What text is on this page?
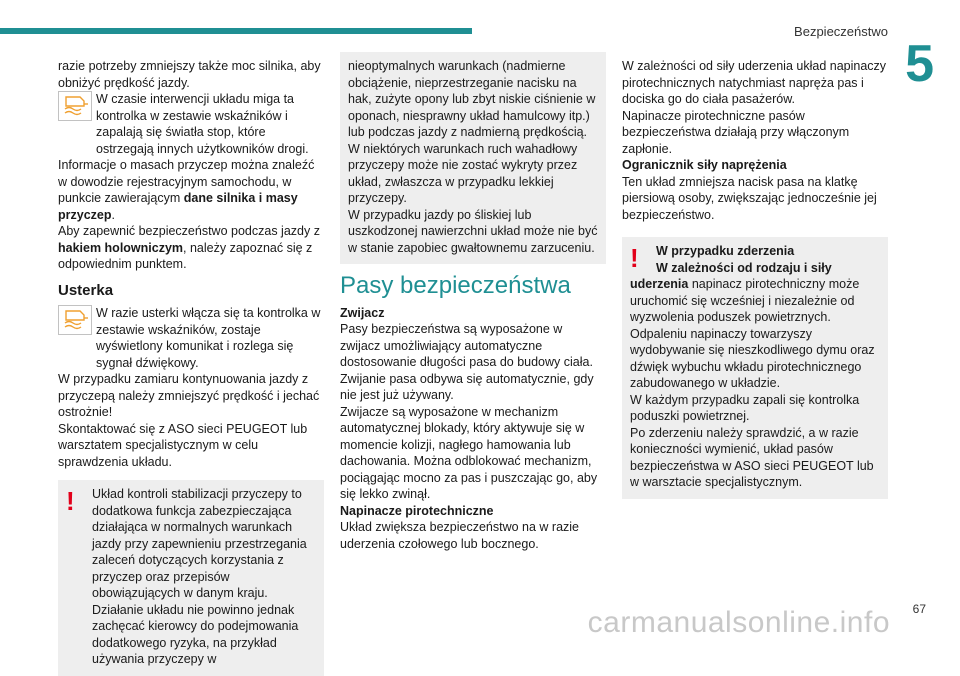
Bezpieczeństwo
5

razie potrzeby zmniejszy także moc silnika, aby obniżyć prędkość jazdy.

W czasie interwencji układu miga ta kontrolka w zestawie wskaźników i zapalają się światła stop, które ostrzegają innych użytkowników drogi.

Informacje o masach przyczep można znaleźć w dowodzie rejestracyjnym samochodu, w punkcie zawierającym dane silnika i masy przyczep.

Aby zapewnić bezpieczeństwo podczas jazdy z hakiem holowniczym, należy zapoznać się z odpowiednim punktem.

Usterka

W razie usterki włącza się ta kontrolka w zestawie wskaźników, zostaje wyświetlony komunikat i rozlega się sygnał dźwiękowy.

W przypadku zamiaru kontynuowania jazdy z przyczepą należy zmniejszyć prędkość i jechać ostrożnie!

Skontaktować się z ASO sieci PEUGEOT lub warsztatem specjalistycznym w celu sprawdzenia układu.

!	Układ kontroli stabilizacji przyczepy to dodatkowa funkcja zabezpieczająca działająca w normalnych warunkach jazdy przy zapewnieniu przestrzegania zaleceń dotyczących korzystania z przyczep oraz przepisów obowiązujących w danym kraju. Działanie układu nie powinno jednak zachęcać kierowcy do podejmowania dodatkowego ryzyka, na przykład używania przyczepy w

nieoptymalnych warunkach (nadmierne obciążenie, nieprzestrzeganie nacisku na hak, zużyte opony lub zbyt niskie ciśnienie w oponach, niesprawny układ hamulcowy itp.) lub podczas jazdy z nadmierną prędkością.

W niektórych warunkach ruch wahadłowy przyczepy może nie zostać wykryty przez układ, zwłaszcza w przypadku lekkiej przyczepy.

W przypadku jazdy po śliskiej lub uszkodzonej nawierzchni układ może nie być w stanie zapobiec gwałtownemu zarzuceniu.

Pasy bezpieczeństwa

Zwijacz

Pasy bezpieczeństwa są wyposażone w zwijacz umożliwiający automatyczne dostosowanie długości pasa do budowy ciała. Zwijanie pasa odbywa się automatycznie, gdy nie jest już używany.

Zwijacze są wyposażone w mechanizm automatycznej blokady, który aktywuje się w momencie kolizji, nagłego hamowania lub dachowania. Można odblokować mechanizm, pociągając mocno za pas i puszczając go, aby się lekko zwinął.

Napinacze pirotechniczne

Układ zwiększa bezpieczeństwo na w razie uderzenia czołowego lub bocznego.

W zależności od siły uderzenia układ napinaczy pirotechnicznych natychmiast napręża pas i dociska go do ciała pasażerów.

Napinacze pirotechniczne pasów bezpieczeństwa działają przy włączonym zapłonie.

Ogranicznik siły naprężenia

Ten układ zmniejsza nacisk pasa na klatkę piersiową osoby, zwiększając jednocześnie jej bezpieczeństwo.

!	W przypadku zderzenia

W zależności od rodzaju i siły

uderzenia napinacz pirotechniczny może uruchomić się wcześniej i niezależnie od wyzwolenia poduszek powietrznych.

Odpaleniu napinaczy towarzyszy wydobywanie się nieszkodliwego dymu oraz dźwięk wybuchu wkładu pirotechnicznego zabudowanego w układzie.

W każdym przypadku zapali się kontrolka poduszki powietrznej.

Po zderzeniu należy sprawdzić, a w razie konieczności wymienić, układ pasów bezpieczeństwa w ASO sieci PEUGEOT lub w warsztacie specjalistycznym.

67
carmanualsonline.info
